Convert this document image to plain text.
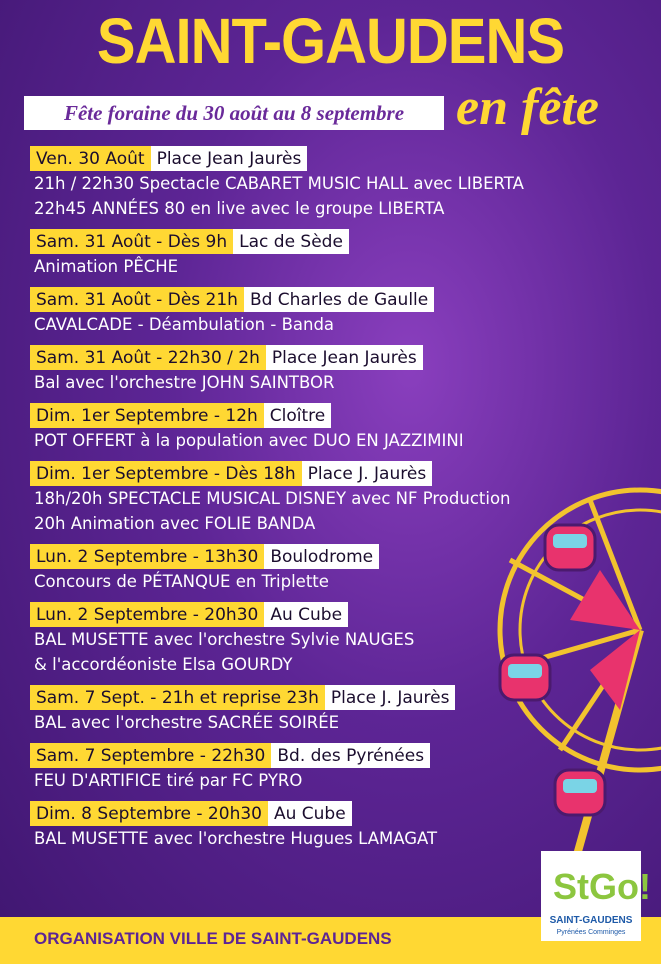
SAINT-GAUDENS
Fête foraine du 30 août au 8 septembre en fête
Ven. 30 Août Place Jean Jaurès
21h / 22h30 Spectacle CABARET MUSIC HALL avec LIBERTA
22h45 ANNÉES 80 en live avec le groupe LIBERTA
Sam. 31 Août - Dès 9h Lac de Sède
Animation PÊCHE
Sam. 31 Août - Dès 21h Bd Charles de Gaulle
CAVALCADE - Déambulation - Banda
Sam. 31 Août - 22h30 / 2h Place Jean Jaurès
Bal avec l'orchestre JOHN SAINTBOR
Dim. 1er Septembre - 12h Cloître
POT OFFERT à la population avec DUO EN JAZZIMINI
Dim. 1er Septembre - Dès 18h Place J. Jaurès
18h/20h SPECTACLE MUSICAL DISNEY avec NF Production
20h Animation avec FOLIE BANDA
Lun. 2 Septembre - 13h30 Boulodrome
Concours de PÉTANQUE en Triplette
Lun. 2 Septembre - 20h30 Au Cube
BAL MUSETTE avec l'orchestre Sylvie NAUGES
& l'accordéoniste Elsa GOURDY
Sam. 7 Sept. - 21h et reprise 23h Place J. Jaurès
BAL avec l'orchestre SACRÉE SOIRÉE
Sam. 7 Septembre - 22h30 Bd. des Pyrénées
FEU D'ARTIFICE tiré par FC PYRO
Dim. 8 Septembre - 20h30 Au Cube
BAL MUSETTE avec l'orchestre Hugues LAMAGAT
ORGANISATION VILLE DE SAINT-GAUDENS
StGo!
SAINT-GAUDENS
Pyrénées Comminges
